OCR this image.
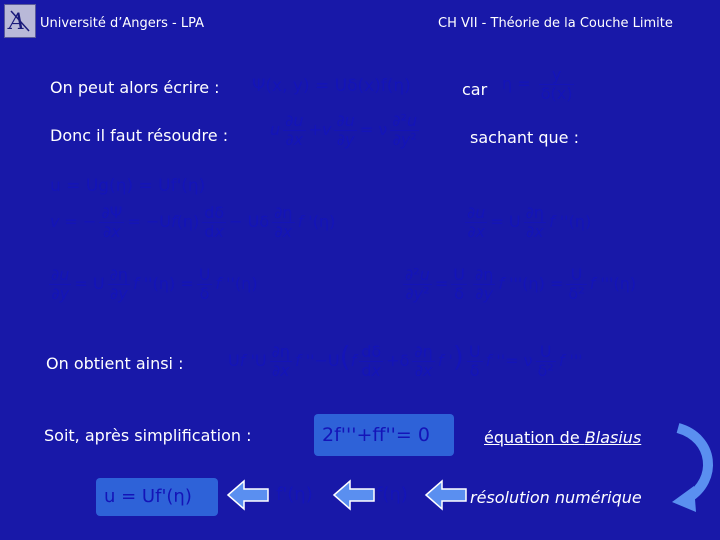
A Université d’Angers - LPA	CH VII - Théorie de la Couche Limite
On peut alors écrire : Ψ(x, y) = Uδ(x)f(η)	car $\eta = \frac{y}{\delta(x)}$
Donc il faut résoudre :	u $\frac{\partial u}{\partial x} +v \frac{\partial u}{\partial y} = \nu \frac{\text{∂²u}}{\text{∂y²}}$	sachant que :
u = Ug(η) = Uf'(η)
v = − $\frac{\partial\Psi}{\partial x} = -Uf(\eta) \frac{d\delta}{dx} - U\delta \frac{\partial\eta}{\partial x}$ f '(η)	$\frac{\partial u}{\partial x} = U \frac{\partial\eta}{\partial x}$ f ''(η)
$\frac{\partial u}{\partial y} = U \frac{\partial\eta}{\partial y}$ f ''$(\eta) = \frac{U}{\delta}$ f ''(η)	$\frac{\text{∂²u}}{\text{∂y²}} = \frac{U}{\delta} \frac{\partial\eta}{\partial y}$ f '''$(\eta) = \frac{U}{\text{δ²}}$ f '''(η)
On obtient ainsi :	Uf '$U \frac{\partial\eta}{\partial x}$ f ''$-U(f \frac{d\delta}{dx} +\delta \frac{\partial\eta}{\partial x}$ f ') $\frac{U}{\delta}$ f ''= ν $\frac{U}{\text{δ²}}$ f '''
Soit, après simplification :	2f'''+ff''= 0	équation de Blasius
u = Uf'(η)	f'(η)	f(η)	résolution numérique
